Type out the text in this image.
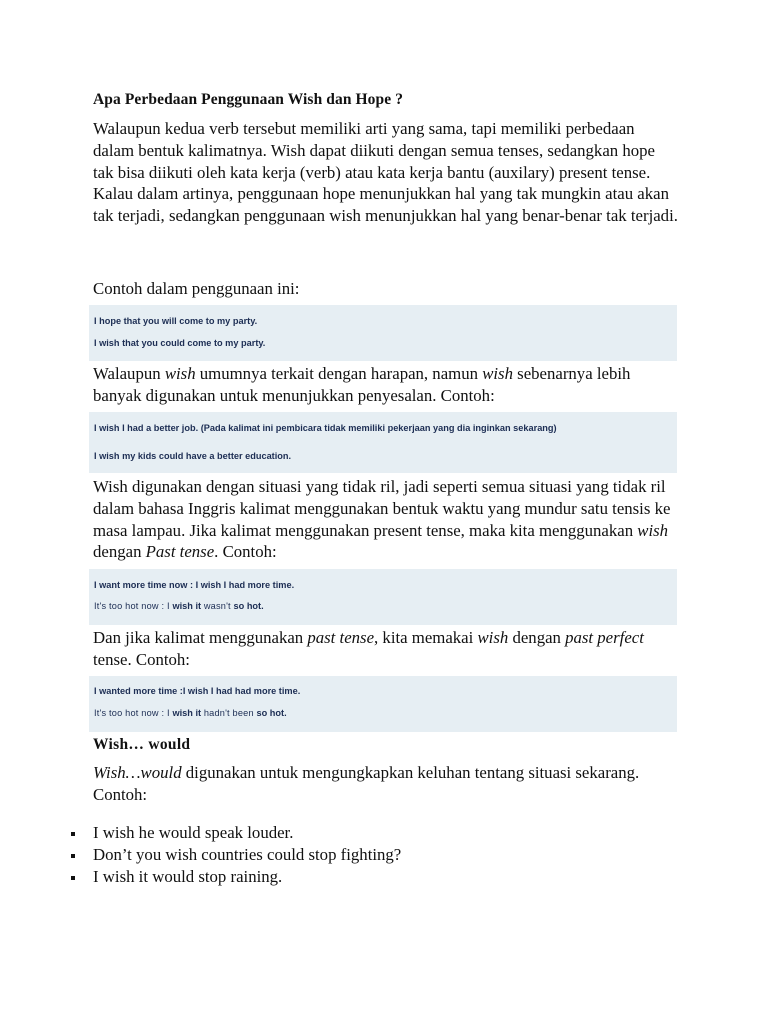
Apa Perbedaan Penggunaan Wish dan Hope ?

Walaupun kedua verb tersebut memiliki arti yang sama, tapi memiliki perbedaan dalam bentuk kalimatnya. Wish dapat diikuti dengan semua tenses, sedangkan hope tak bisa diikuti oleh kata kerja (verb) atau kata kerja bantu (auxilary) present tense.

Kalau dalam artinya, penggunaan hope menunjukkan hal yang tak mungkin atau akan tak terjadi, sedangkan penggunaan wish menunjukkan hal yang benar-benar tak terjadi.

Contoh dalam penggunaan ini:
I hope that you will come to my party.
I wish that you could come to my party.
Walaupun wish umumnya terkait dengan harapan, namun wish sebenarnya lebih banyak digunakan untuk menunjukkan penyesalan. Contoh:
I wish I had a better job. (Pada kalimat ini pembicara tidak memiliki pekerjaan yang dia inginkan sekarang)
I wish my kids could have a better education.
Wish digunakan dengan situasi yang tidak ril, jadi seperti semua situasi yang tidak ril dalam bahasa Inggris kalimat menggunakan bentuk waktu yang mundur satu tensis ke masa lampau. Jika kalimat menggunakan present tense, maka kita menggunakan wish dengan Past tense. Contoh:
I want more time now : I wish I had more time.
It's too hot now : I wish it wasn't so hot.
Dan jika kalimat menggunakan past tense, kita memakai wish dengan past perfect tense. Contoh:
I wanted more time :I wish I had had more time.
It's too hot now : I wish it hadn't been so hot.
Wish… would
Wish…would digunakan untuk mengungkapkan keluhan tentang situasi sekarang. Contoh:
I wish he would speak louder.
Don’t you wish countries could stop fighting?
I wish it would stop raining.
